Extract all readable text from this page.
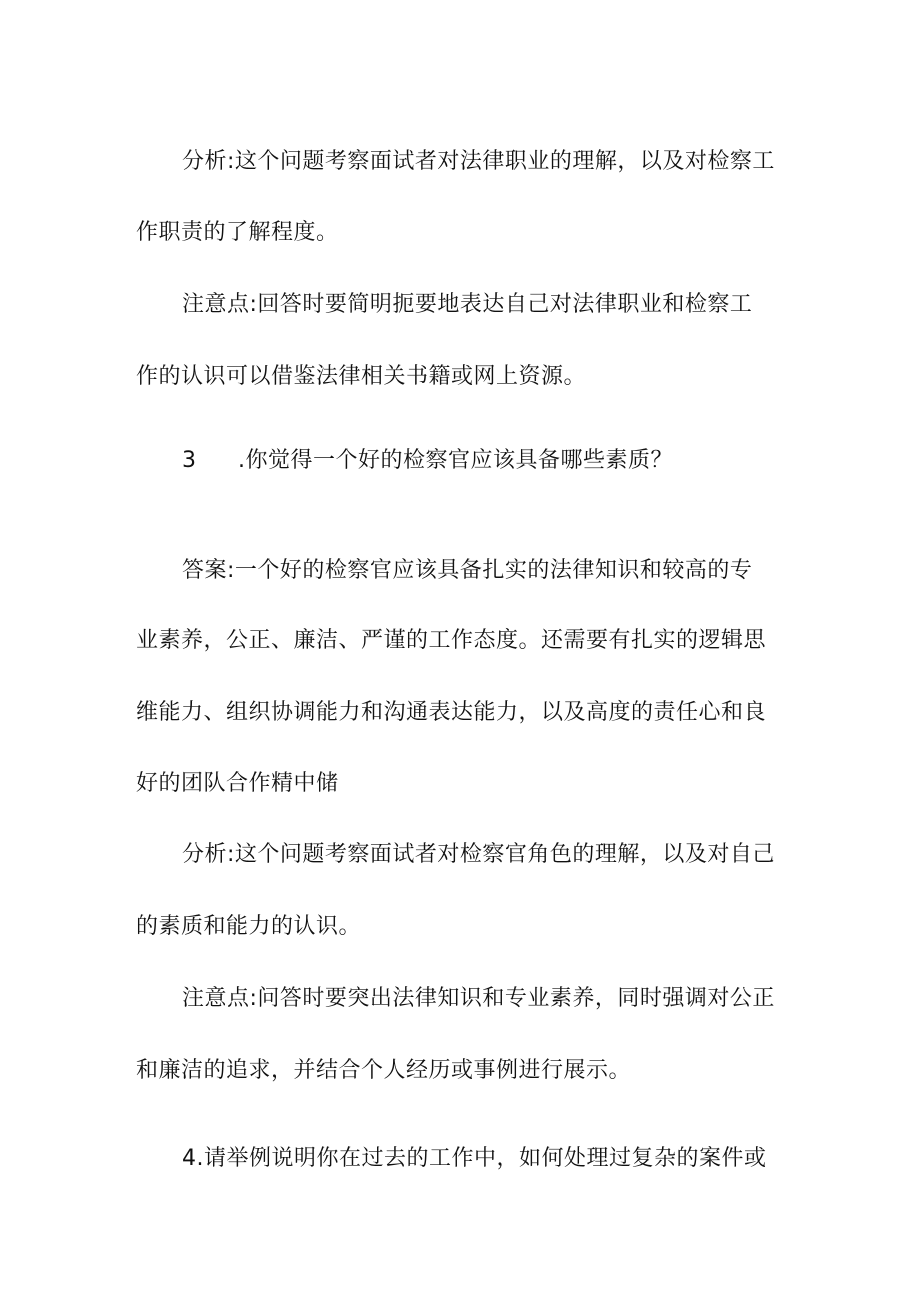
分析:这个问题考察面试者对法律职业的理解，以及对检察工
作职责的了解程度。
注意点:回答时要简明扼要地表达自己对法律职业和检察工
作的认识可以借鉴法律相关书籍或网上资源。
3 .你觉得一个好的检察官应该具备哪些素质？
答案:一个好的检察官应该具备扎实的法律知识和较高的专
业素养，公正、廉洁、严谨的工作态度。还需要有扎实的逻辑思
维能力、组织协调能力和沟通表达能力，以及高度的责任心和良
好的团队合作精中储
分析:这个问题考察面试者对检察官角色的理解，以及对自己
的素质和能力的认识。
注意点:问答时要突出法律知识和专业素养，同时强调对公正
和廉洁的追求，并结合个人经历或事例进行展示。
4.请举例说明你在过去的工作中，如何处理过复杂的案件或
